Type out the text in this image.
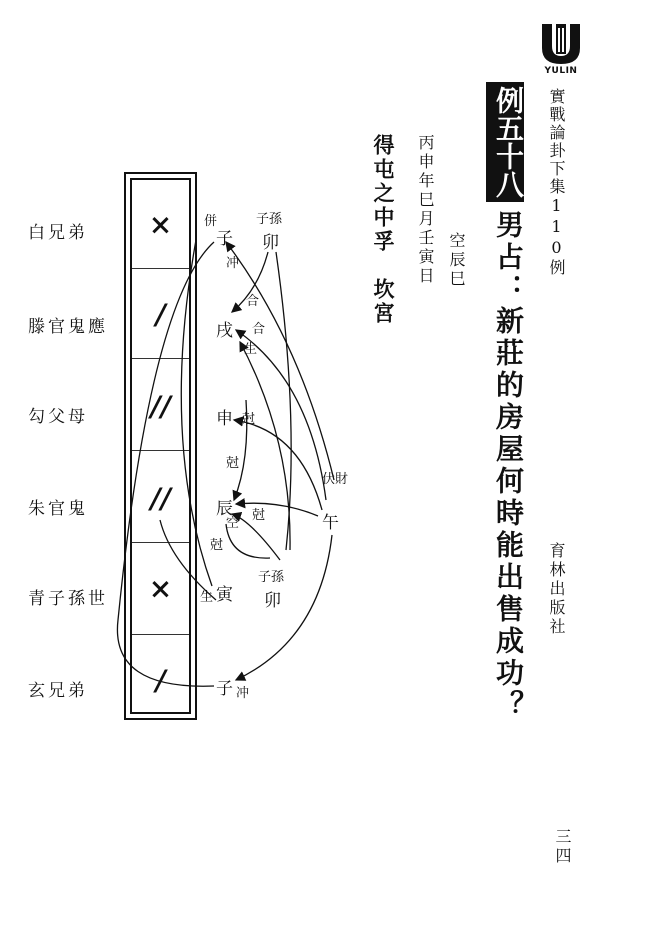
YULIN
實戰論卦下集110例
例五十八
男占：新莊的房屋何時能出售成功？ 育林出版社
三四
空辰巳
丙申年巳月壬寅日
得屯之中孚　坎宮
白兄弟
滕官鬼應
勾父母
朱官鬼
青子孫世
玄兄弟
×
/
//
//
×
/
併
子
子孫
卯
冲
合
戌 合
生
申 尅
尅
辰 尅
空
尅
子孫
卯
生 寅
伏財
午
子 冲
